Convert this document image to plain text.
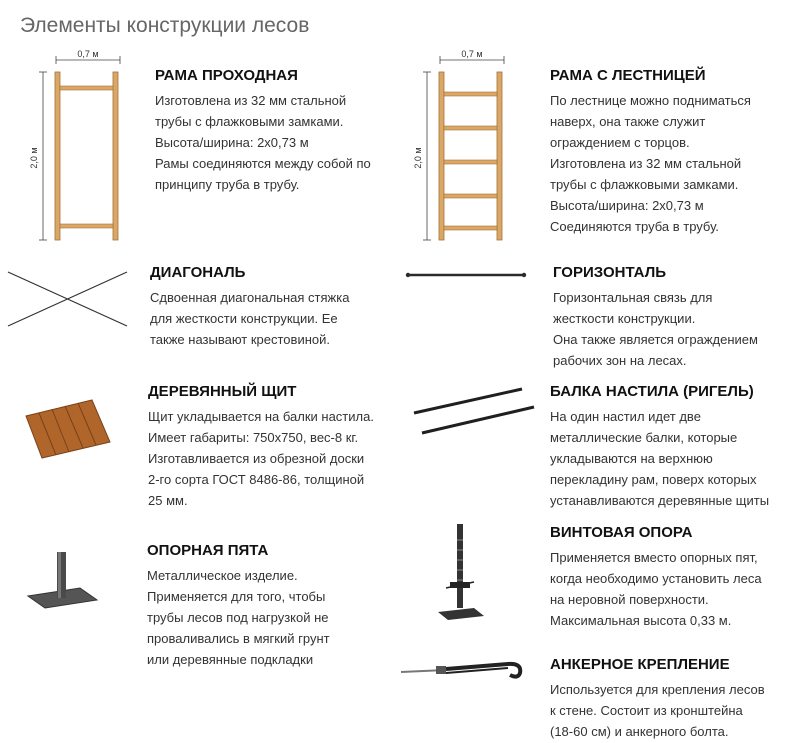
Элементы конструкции лесов
РАМА ПРОХОДНАЯ
Изготовлена из 32 мм стальной
трубы с флажковыми замками.
Высота/ширина: 2х0,73 м
Рамы соединяются между собой по
принципу труба в трубу.
РАМА С ЛЕСТНИЦЕЙ
По лестнице можно подниматься
наверх, она также служит
ограждением с торцов.
Изготовлена из 32 мм стальной
трубы с флажковыми замками.
Высота/ширина: 2х0,73 м
Соединяются труба в трубу.
ДИАГОНАЛЬ
Сдвоенная диагональная стяжка
для жесткости конструкции. Ее
также называют крестовиной.
ГОРИЗОНТАЛЬ
Горизонтальная связь для
жесткости конструкции.
Она также является ограждением
рабочих зон на лесах.
ДЕРЕВЯННЫЙ ЩИТ
Щит укладывается на балки настила.
Имеет габариты: 750х750, вес-8 кг.
Изготавливается из обрезной доски
2-го сорта ГОСТ 8486-86, толщиной
25 мм.
БАЛКА НАСТИЛА (РИГЕЛЬ)
На один настил идет две
металлические балки, которые
укладываются на верхнюю
перекладину рам, поверх которых
устанавливаются деревянные щиты
ОПОРНАЯ ПЯТА
Металлическое изделие.
Применяется для того, чтобы
трубы лесов под нагрузкой не
проваливались в мягкий грунт
или деревянные подкладки
ВИНТОВАЯ ОПОРА
Применяется вместо опорных пят,
когда необходимо установить леса
на неровной поверхности.
Максимальная высота 0,33 м.
АНКЕРНОЕ КРЕПЛЕНИЕ
Используется для крепления лесов
к стене. Состоит из кронштейна
(18-60 см) и анкерного болта.
0,7 м
2,0 м
0,7 м
2,0 м
